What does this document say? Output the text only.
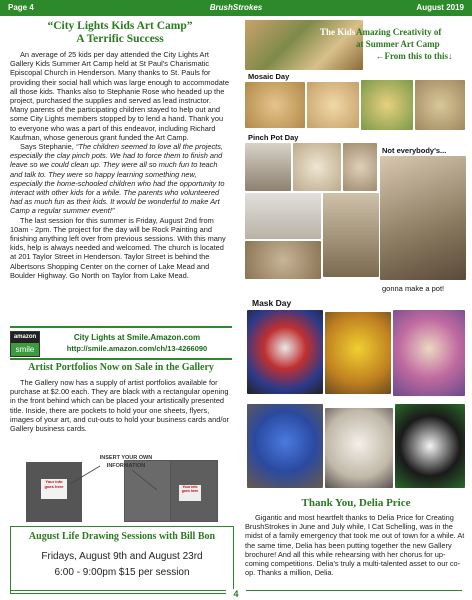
Page 4	BrushStrokes	August 2019
“City Lights Kids Art Camp”
A Terrific Success

An average of 25 kids per day attended the City Lights Art Gallery Kids Summer Art Camp held at St Paul’s Charismatic Episcopal Church in Henderson. Many thanks to St. Pauls for providing their social hall which was large enough to accommodate all those kids. Thanks also to Stephanie Rose who headed up the project, purchased the supplies and served as lead instructor. Many parents of the participating children stayed to help out and some City Lights members stopped by to lend a hand. Thank you to everyone who was a part of this endeavor, including Richard Kaufman, whose generous grant funded the Art Camp.

Says Stephanie, “The children seemed to love all the projects, especially the clay pinch pots. We had to force them to finish and leave so we could clean up. They were all so much fun to teach and talk to. They were so happy learning something new, especially the home-schooled children who had the opportunity to interact with other kids for a while. The parents who volunteered had as much fun as their kids. It would be wonderful to make Art Camp a regular summer event!”

The last session for this summer is Friday, August 2nd from 10am - 2pm. The project for the day will be Rock Painting and finishing anything left over from previous sessions. With this many kids, help is always needed and welcomed. The church is located at 201 Taylor Street in Henderson. Taylor Street is behind the Albertsons Shopping Center on the corner of Lake Mead and Boulder Highway. Go North on Taylor from Lake Mead.

amazon
smile
City Lights at Smile.Amazon.com
http://smile.amazon.com/ch/13-4266090
Artist Portfolios Now on Sale in the Gallery
The Gallery now has a supply of artist portfolios available for purchase at $2.00 each. They are black with a rectangular opening in the front behind which can be placed your artistically presented title. Inside, there are pockets to hold your one sheets, flyers, images of your art, and cut-outs to hold your business cards and/or Gallery business cards.
Your info goes here	Your info goes here
INSERT YOUR OWN
INFORMATION
August Life Drawing Sessions with Bill Bon
Fridays, August 9th and August 23rd
6:00 - 9:00pm $15 per session
The Kids Amazing Creativity of
at Summer Art Camp
←From this to this↓
Mosaic Day
Pinch Pot Day
Not everybody's...
gonna make a pot!
Mask Day
Thank You, Delia Price
Gigantic and most heartfelt thanks to Delia Price for Creating BrushStrokes in June and July while, I Cat Schelling, was in the midst of a family emergency that took me out of town for a while. At the same time, Delia has been putting together the new Gallery brochure! And all this while rehearsing with her chorus for up-coming competitions. Delia’s truly a multi-talented asset to our co-op. Thanks a million, Delia.
4
